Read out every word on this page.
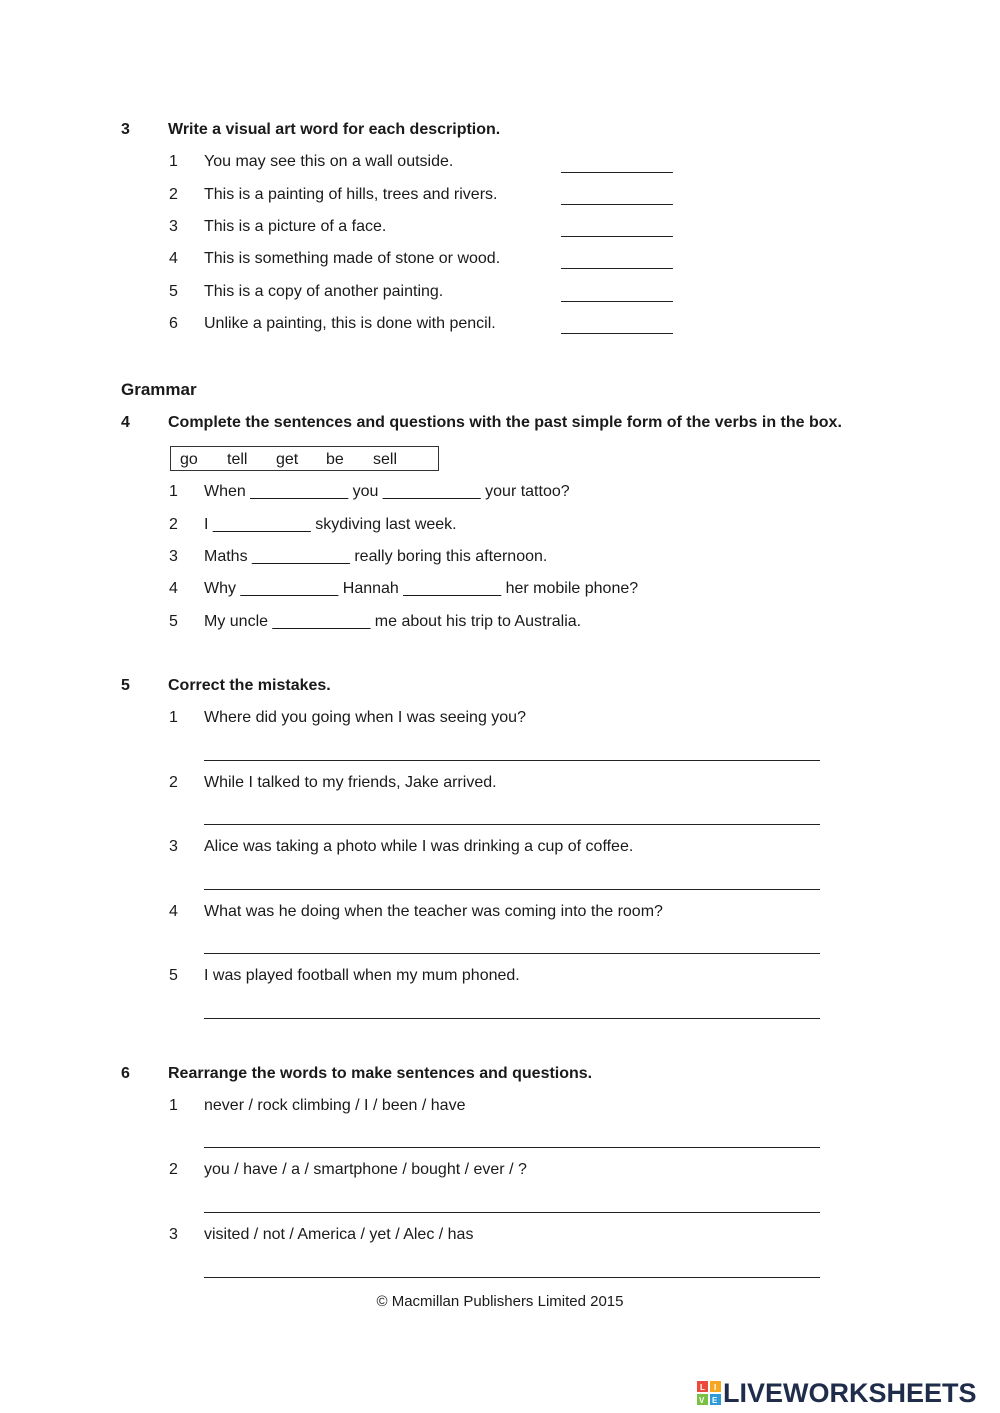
3 Write a visual art word for each description.
1 You may see this on a wall outside.
2 This is a painting of hills, trees and rivers.
3 This is a picture of a face.
4 This is something made of stone or wood.
5 This is a copy of another painting.
6 Unlike a painting, this is done with pencil.
Grammar
4 Complete the sentences and questions with the past simple form of the verbs in the box.
go tell get be sell
1 When ___________ you ___________ your tattoo?
2 I ___________ skydiving last week.
3 Maths ___________ really boring this afternoon.
4 Why ___________ Hannah ___________ her mobile phone?
5 My uncle ___________ me about his trip to Australia.
5 Correct the mistakes.
1 Where did you going when I was seeing you?
2 While I talked to my friends, Jake arrived.
3 Alice was taking a photo while I was drinking a cup of coffee.
4 What was he doing when the teacher was coming into the room?
5 I was played football when my mum phoned.
6 Rearrange the words to make sentences and questions.
1 never / rock climbing / I / been / have
2 you / have / a / smartphone / bought / ever / ?
3 visited / not / America / yet / Alec / has
© Macmillan Publishers Limited 2015
L I
V E LIVEWORKSHEETS
